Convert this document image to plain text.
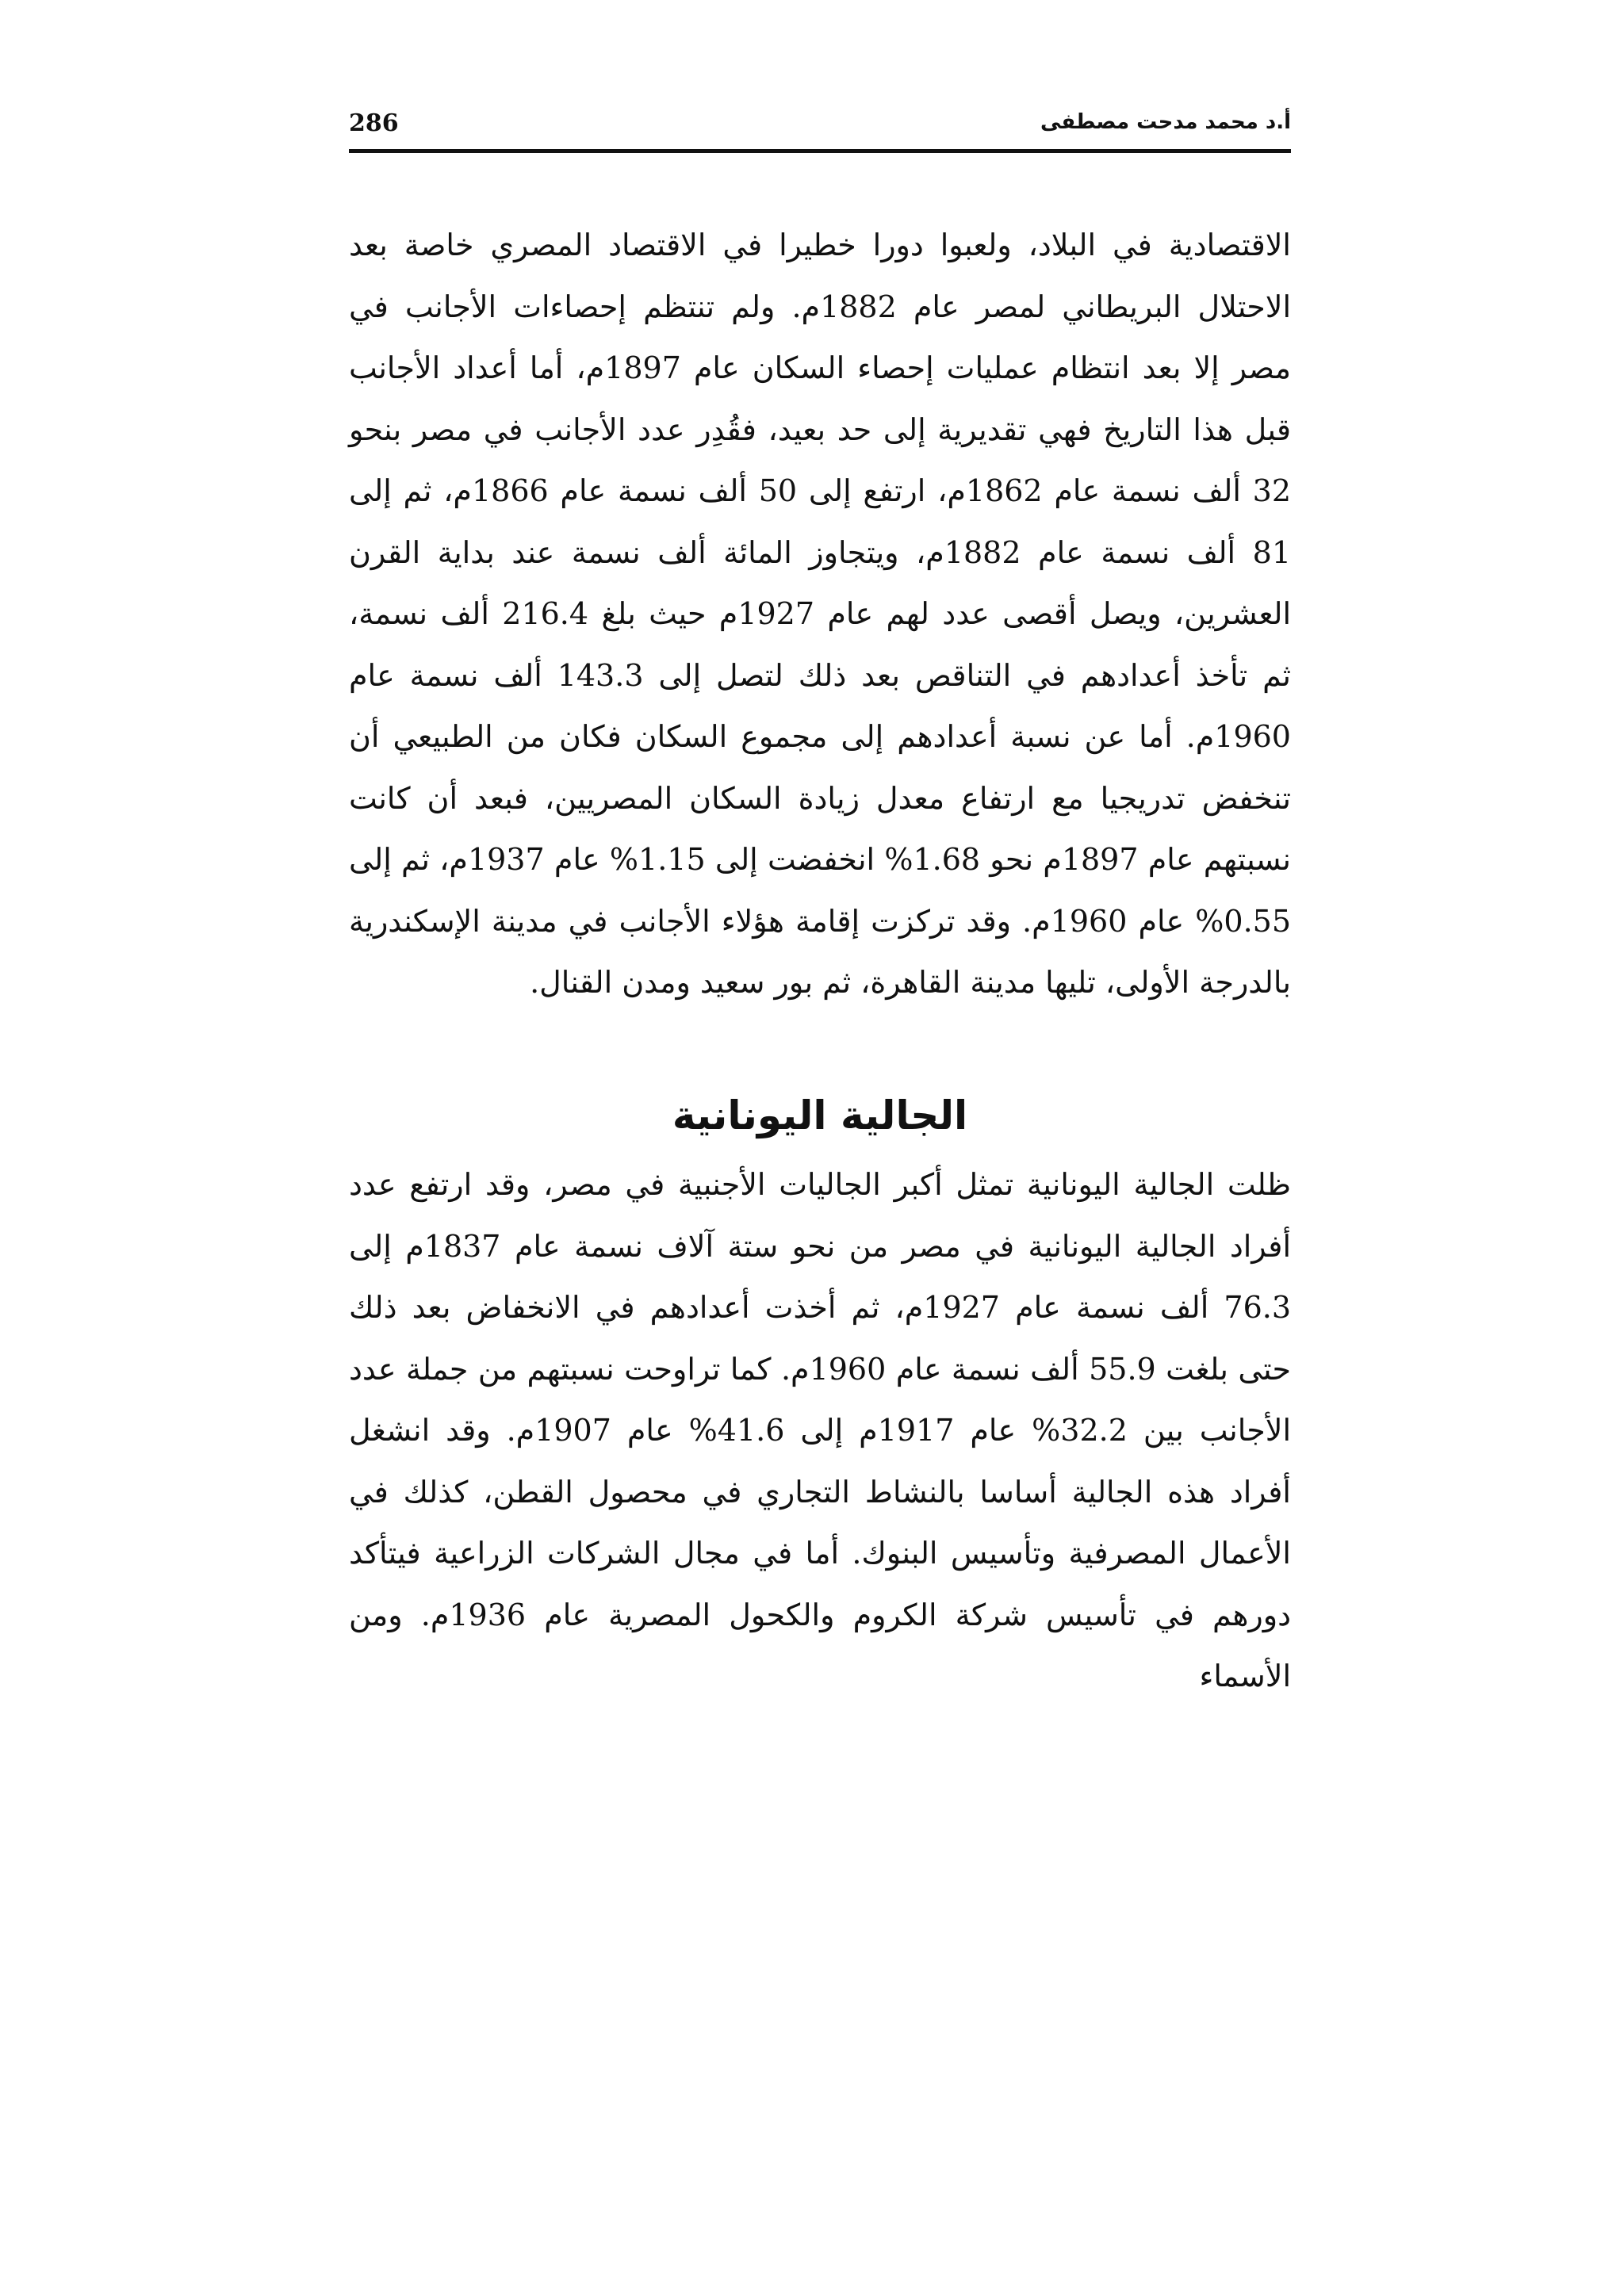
286	أ.د محمد مدحت مصطفى

الاقتصادية في البلاد، ولعبوا دورا خطيرا في الاقتصاد المصري خاصة بعد الاحتلال البريطاني لمصر عام 1882م. ولم تنتظم إحصاءات الأجانب في مصر إلا بعد انتظام عمليات إحصاء السكان عام 1897م، أما أعداد الأجانب قبل هذا التاريخ فهي تقديرية إلى حد بعيد، فقُدِر عدد الأجانب في مصر بنحو 32 ألف نسمة عام 1862م، ارتفع إلى 50 ألف نسمة عام 1866م، ثم إلى 81 ألف نسمة عام 1882م، ويتجاوز المائة ألف نسمة عند بداية القرن العشرين، ويصل أقصى عدد لهم عام 1927م حيث بلغ 216.4 ألف نسمة، ثم تأخذ أعدادهم في التناقص بعد ذلك لتصل إلى 143.3 ألف نسمة عام 1960م. أما عن نسبة أعدادهم إلى مجموع السكان فكان من الطبيعي أن تنخفض تدريجيا مع ارتفاع معدل زيادة السكان المصريين، فبعد أن كانت نسبتهم عام 1897م نحو 1.68% انخفضت إلى 1.15% عام 1937م، ثم إلى 0.55% عام 1960م. وقد تركزت إقامة هؤلاء الأجانب في مدينة الإسكندرية بالدرجة الأولى، تليها مدينة القاهرة، ثم بور سعيد ومدن القنال.

الجالية اليونانية

ظلت الجالية اليونانية تمثل أكبر الجاليات الأجنبية في مصر، وقد ارتفع عدد أفراد الجالية اليونانية في مصر من نحو ستة آلاف نسمة عام 1837م إلى 76.3 ألف نسمة عام 1927م، ثم أخذت أعدادهم في الانخفاض بعد ذلك حتى بلغت 55.9 ألف نسمة عام 1960م. كما تراوحت نسبتهم من جملة عدد الأجانب بين 32.2% عام 1917م إلى 41.6% عام 1907م. وقد انشغل أفراد هذه الجالية أساسا بالنشاط التجاري في محصول القطن، كذلك في الأعمال المصرفية وتأسيس البنوك. أما في مجال الشركات الزراعية فيتأكد دورهم في تأسيس شركة الكروم والكحول المصرية عام 1936م. ومن الأسماء
